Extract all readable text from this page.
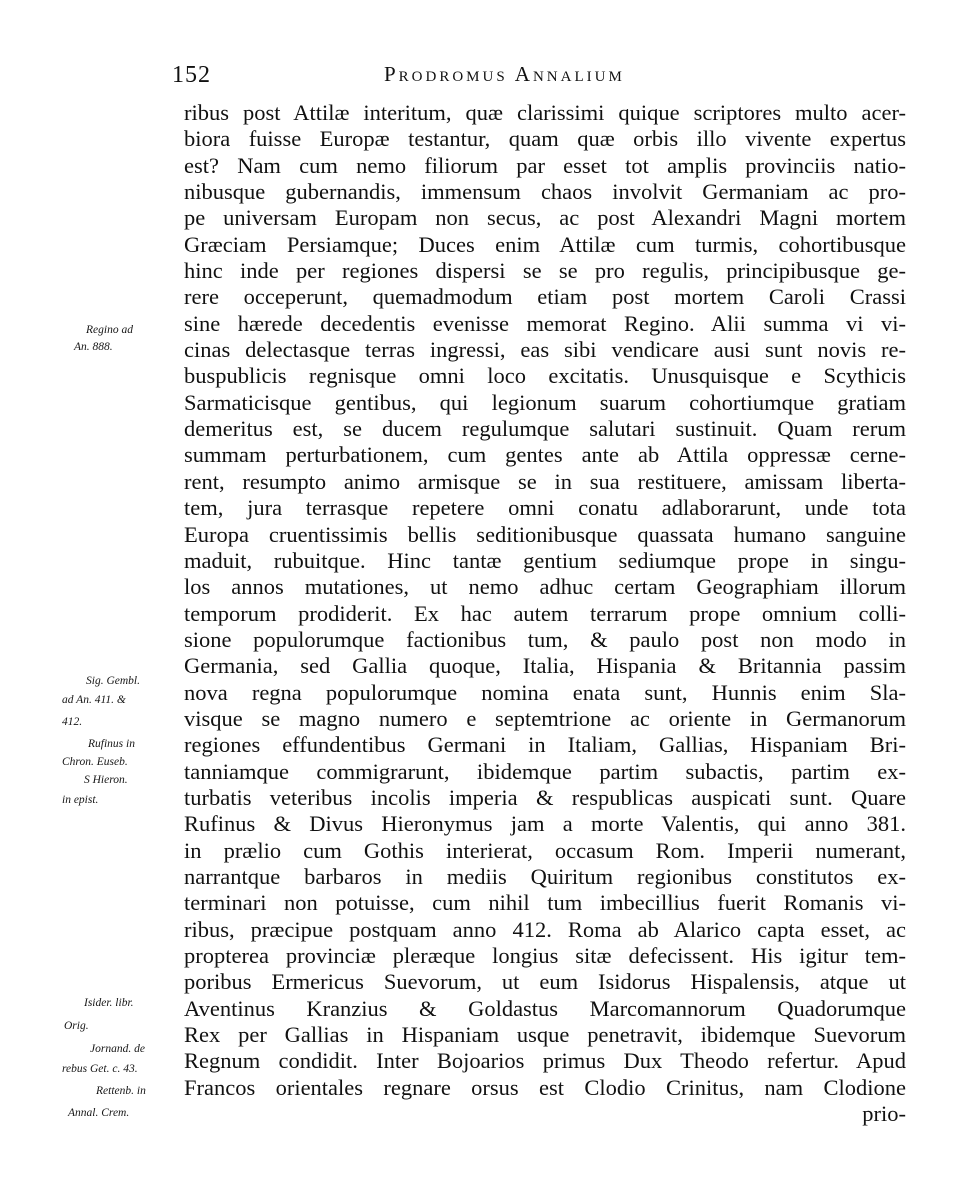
152	Prodromus Annalium
ribus post Attilæ interitum, quæ clarissimi quique scriptores multo acer-
biora fuisse Europæ testantur, quam quæ orbis illo vivente expertus
est? Nam cum nemo filiorum par esset tot amplis provinciis natio-
nibusque gubernandis, immensum chaos involvit Germaniam ac pro-
pe universam Europam non secus, ac post Alexandri Magni mortem
Græciam Persiamque; Duces enim Attilæ cum turmis, cohortibusque
hinc inde per regiones dispersi se se pro regulis, principibusque ge-
rere occeperunt, quemadmodum etiam post mortem Caroli Crassi
sine hærede decedentis evenisse memorat Regino. Alii summa vi vi-
cinas delectasque terras ingressi, eas sibi vendicare ausi sunt novis re-
buspublicis regnisque omni loco excitatis. Unusquisque e Scythicis
Sarmaticisque gentibus, qui legionum suarum cohortiumque gratiam
demeritus est, se ducem regulumque salutari sustinuit. Quam rerum
summam perturbationem, cum gentes ante ab Attila oppressæ cerne-
rent, resumpto animo armisque se in sua restituere, amissam liberta-
tem, jura terrasque repetere omni conatu adlaborarunt, unde tota
Europa cruentissimis bellis seditionibusque quassata humano sanguine
maduit, rubuitque. Hinc tantæ gentium sediumque prope in singu-
los annos mutationes, ut nemo adhuc certam Geographiam illorum
temporum prodiderit. Ex hac autem terrarum prope omnium colli-
sione populorumque factionibus tum, & paulo post non modo in
Germania, sed Gallia quoque, Italia, Hispania & Britannia passim
nova regna populorumque nomina enata sunt, Hunnis enim Sla-
visque se magno numero e septemtrione ac oriente in Germanorum
regiones effundentibus Germani in Italiam, Gallias, Hispaniam Bri-
tanniamque commigrarunt, ibidemque partim subactis, partim ex-
turbatis veteribus incolis imperia & respublicas auspicati sunt. Quare
Rufinus & Divus Hieronymus jam a morte Valentis, qui anno 381.
in prælio cum Gothis interierat, occasum Rom. Imperii numerant,
narrantque barbaros in mediis Quiritum regionibus constitutos ex-
terminari non potuisse, cum nihil tum imbecillius fuerit Romanis vi-
ribus, præcipue postquam anno 412. Roma ab Alarico capta esset, ac
propterea provinciæ pleræque longius sitæ defecissent. His igitur tem-
poribus Ermericus Suevorum, ut eum Isidorus Hispalensis, atque ut
Aventinus Kranzius & Goldastus Marcomannorum Quadorumque
Rex per Gallias in Hispaniam usque penetravit, ibidemque Suevorum
Regnum condidit. Inter Bojoarios primus Dux Theodo refertur. Apud
Francos orientales regnare orsus est Clodio Crinitus, nam Clodione
prio-
Regino ad
An. 888.
Sig. Gembl.
ad An. 411. &
412.
Rufinus in
Chron. Euseb.
S Hieron.
in epist.
Isider. libr.
Orig.
Jornand. de
rebus Get. c. 43.
Rettenb. in
Annal. Crem.
